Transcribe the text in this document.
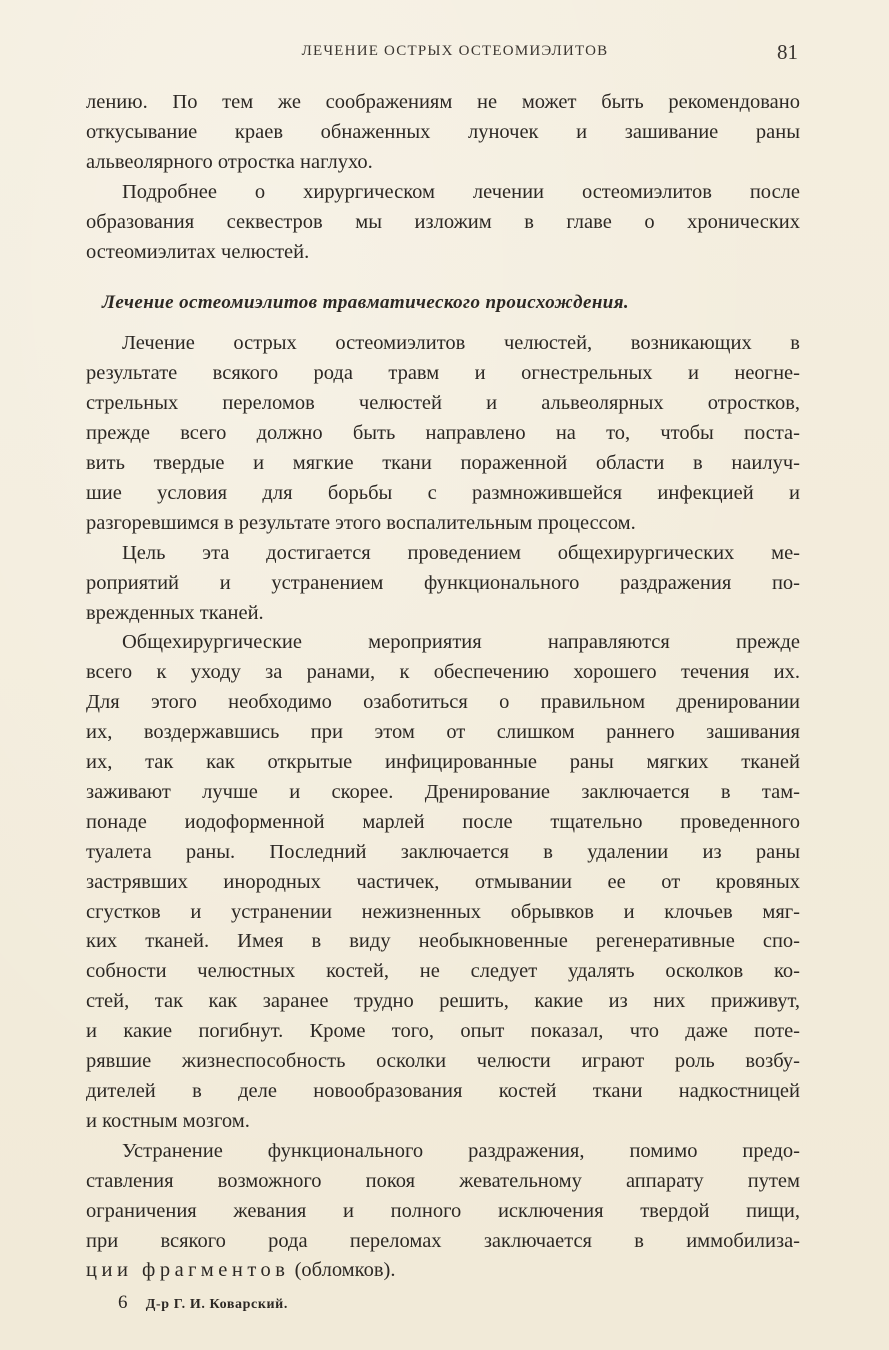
ЛЕЧЕНИЕ ОСТРЫХ ОСТЕОМИЭЛИТОВ	81

лению. По тем же соображениям не может быть рекомендовано
откусывание краев обнаженных луночек и зашивание раны
альвеолярного отростка наглухо.

Подробнее о хирургическом лечении остеомиэлитов после
образования секвестров мы изложим в главе о хронических
остеомиэлитах челюстей.

Лечение остеомиэлитов травматического происхождения.

Лечение острых остеомиэлитов челюстей, возникающих в
результате всякого рода травм и огнестрельных и неогне-
стрельных переломов челюстей и альвеолярных отростков,
прежде всего должно быть направлено на то, чтобы поста-
вить твердые и мягкие ткани пораженной области в наилуч-
шие условия для борьбы с размножившейся инфекцией и
разгоревшимся в результате этого воспалительным процессом.

Цель эта достигается проведением общехирургических ме-
роприятий и устранением функционального раздражения по-
врежденных тканей.

Общехирургические мероприятия направляются прежде
всего к уходу за ранами, к обеспечению хорошего течения их.
Для этого необходимо озаботиться о правильном дренировании
их, воздержавшись при этом от слишком раннего зашивания
их, так как открытые инфицированные раны мягких тканей
заживают лучше и скорее. Дренирование заключается в там-
понаде иодоформенной марлей после тщательно проведенного
туалета раны. Последний заключается в удалении из раны
застрявших инородных частичек, отмывании ее от кровяных
сгустков и устранении нежизненных обрывков и клочьев мяг-
ких тканей. Имея в виду необыкновенные регенеративные спо-
собности челюстных костей, не следует удалять осколков ко-
стей, так как заранее трудно решить, какие из них приживут,
и какие погибнут. Кроме того, опыт показал, что даже поте-
рявшие жизнеспособность осколки челюсти играют роль возбу-
дителей в деле новообразования костей ткани надкостницей
и костным мозгом.

Устранение функционального раздражения, помимо предо-
ставления возможного покоя жевательному аппарату путем
ограничения жевания и полного исключения твердой пищи,
при всякого рода переломах заключается в иммобилиза-
ции фрагментов (обломков).

6 Д-р Г. И. Коварский.
